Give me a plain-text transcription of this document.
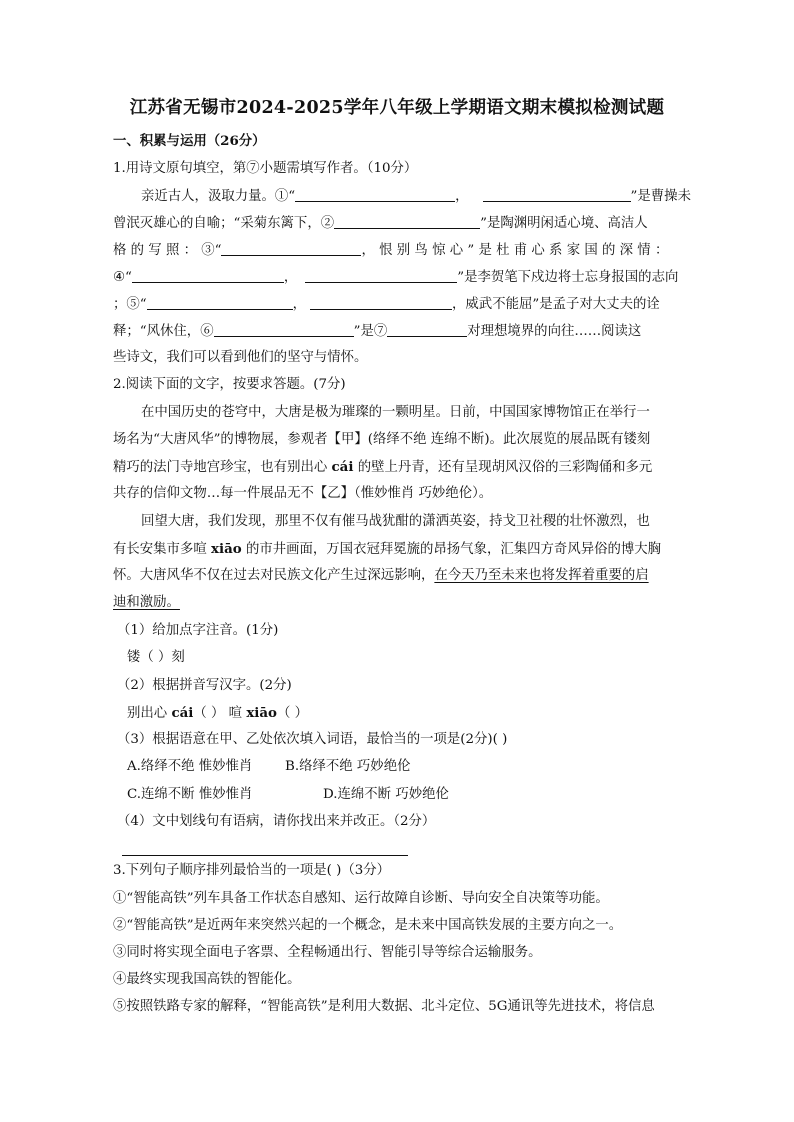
江苏省无锡市2024-2025学年八年级上学期语文期末模拟检测试题
一、积累与运用（26分）
1.用诗文原句填空，第⑦小题需填写作者。（10分）
亲近古人，汲取力量。①“	，	”是曹操未
曾泯灭雄心的自喻；“采菊东篱下，②	”是陶渊明闲适心境、高洁人
格 的 写 照 ： ③“	， 恨 别 鸟 惊 心 ” 是 杜 甫 心 系 家 国 的 深 情 ：
④“	，	”是李贺笔下戍边将士忘身报国的志向
；⑤“	，	，威武不能屈”是孟子对大丈夫的诠
释；“风休住，⑥	”是⑦	对理想境界的向往……阅读这
些诗文，我们可以看到他们的坚守与情怀。
2.阅读下面的文字，按要求答题。(7分)
在中国历史的苍穹中，大唐是极为璀璨的一颗明星。日前，中国国家博物馆正在举行一
场名为“大唐风华”的博物展，参观者【甲】(络绎不绝 连绵不断)。此次展览的展品既有镂刻
精巧的法门寺地宫珍宝，也有别出心 cái 的壁上丹青，还有呈现胡风汉俗的三彩陶俑和多元
共存的信仰文物…每一件展品无不【乙】（惟妙惟肖 巧妙绝伦）。
回望大唐，我们发现，那里不仅有催马战犹酣的潇洒英姿，持戈卫社稷的壮怀激烈，也
有长安集市多喧 xiāo 的市井画面，万国衣冠拜冕旒的昂扬气象，汇集四方奇风异俗的博大胸
怀。大唐风华不仅在过去对民族文化产生过深远影响，在今天乃至未来也将发挥着重要的启
迪和激励。
（1）给加点字注音。(1分)
镂（ ）刻
（2）根据拼音写汉字。(2分)
别出心 cái（ ） 喧 xiāo（ ）
（3）根据语意在甲、乙处依次填入词语，最恰当的一项是(2分)( )
A.络绎不绝 惟妙惟肖 B.络绎不绝 巧妙绝伦
C.连绵不断 惟妙惟肖	D.连绵不断 巧妙绝伦
（4）文中划线句有语病，请你找出来并改正。（2分）
3.下列句子顺序排列最恰当的一项是( )（3分）
①“智能高铁”列车具备工作状态自感知、运行故障自诊断、导向安全自决策等功能。
②“智能高铁”是近两年来突然兴起的一个概念，是未来中国高铁发展的主要方向之一。
③同时将实现全面电子客票、全程畅通出行、智能引导等综合运输服务。
④最终实现我国高铁的智能化。
⑤按照铁路专家的解释，“智能高铁”是利用大数据、北斗定位、5G通讯等先进技术，将信息
